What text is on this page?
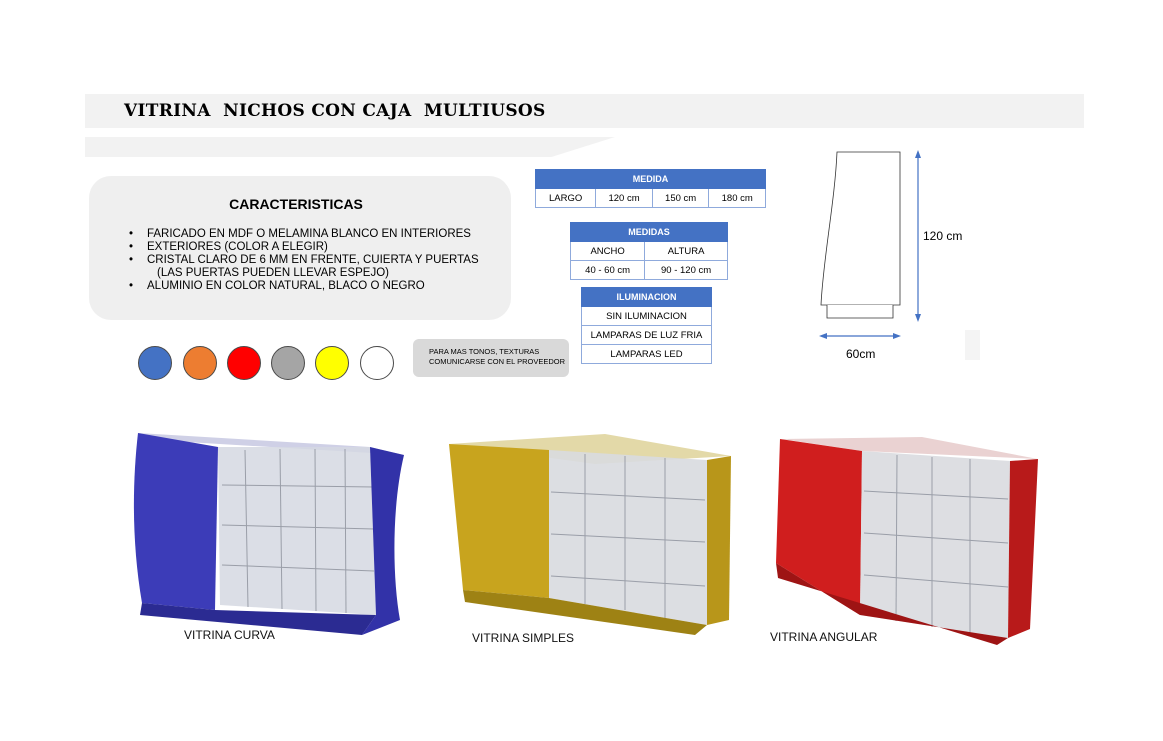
VITRINA  NICHOS CON CAJA  MULTIUSOS
CARACTERISTICAS
• FARICADO EN MDF O MELAMINA BLANCO EN INTERIORES
• EXTERIORES (COLOR A ELEGIR)
• CRISTAL CLARO DE 6 MM EN FRENTE, CUIERTA Y PUERTAS
(LAS PUERTAS PUEDEN LLEVAR ESPEJO)
• ALUMINIO EN COLOR NATURAL, BLACO O NEGRO
PARA MAS TONOS, TEXTURAS
COMUNICARSE CON EL PROVEEDOR
MEDIDA
LARGO	120 cm	150 cm	180 cm
MEDIDAS	
ANCHO	ALTURA
40 - 60 cm	90 - 120 cm
ILUMINACION
SIN ILUMINACION
LAMPARAS DE LUZ FRIA
LAMPARAS LED
120 cm
60cm
VITRINA CURVA	VITRINA SIMPLES	VITRINA ANGULAR
